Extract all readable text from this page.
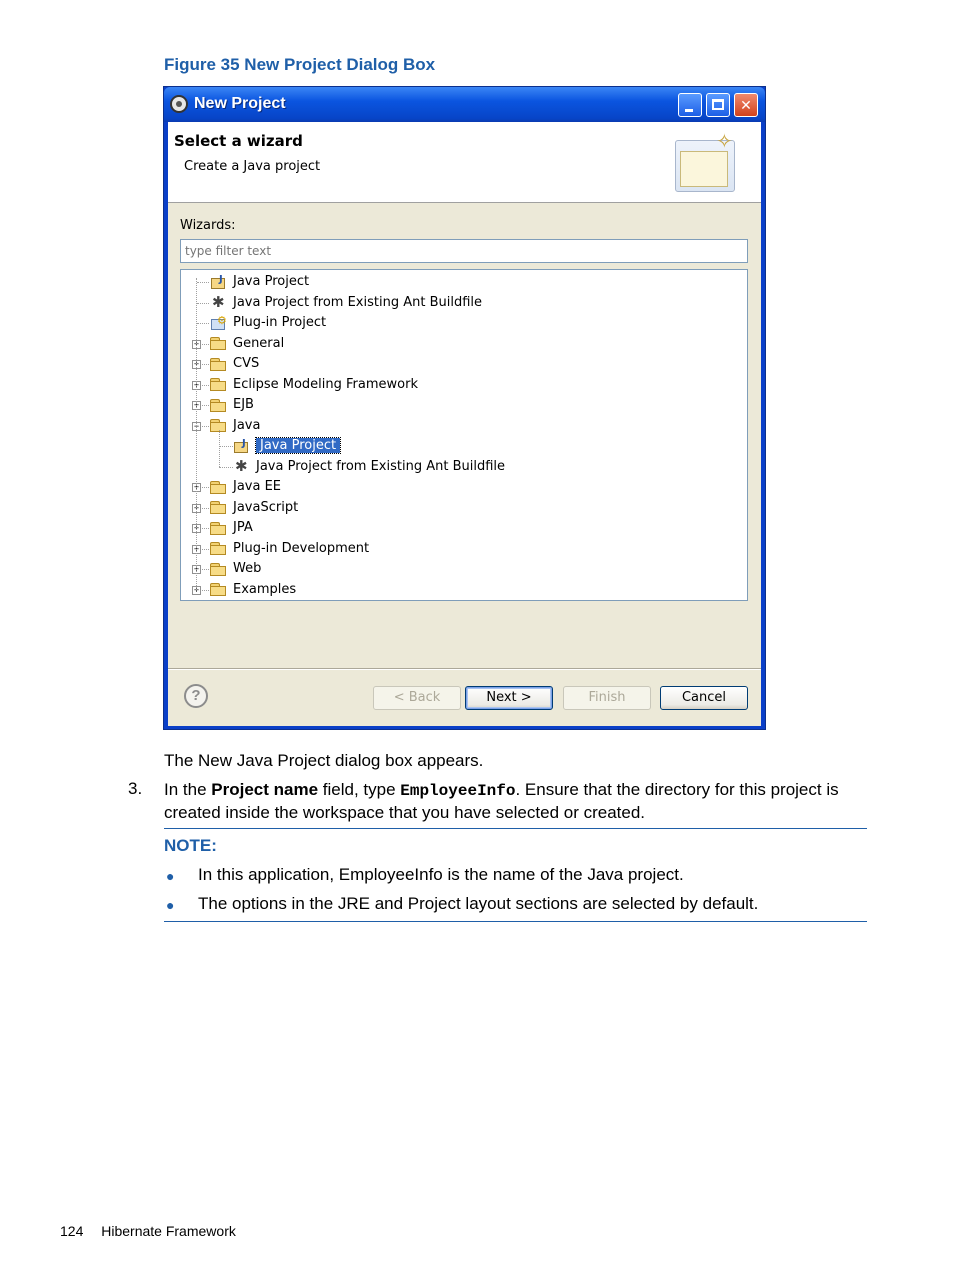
Figure 35 New Project Dialog Box
New Project	✕
Select a wizard
Create a Java project
✧
Wizards:
type filter text
JJava Project
✱Java Project from Existing Ant Buildfile
⚙Plug-in Project
+	General
+	CVS
+	Eclipse Modeling Framework
+	EJB
−	Java
JJava Project
✱Java Project from Existing Ant Buildfile
+	Java EE
+	JavaScript
+	JPA
+	Plug-in Development
+	Web
+	Examples
?	< Back	Next >	Finish	Cancel
The New Java Project dialog box appears.
3. In the Project name field, type EmployeeInfo. Ensure that the directory for this project is created inside the workspace that you have selected or created.
NOTE:
● In this application, EmployeeInfo is the name of the Java project.
● The options in the JRE and Project layout sections are selected by default.
124 Hibernate Framework
